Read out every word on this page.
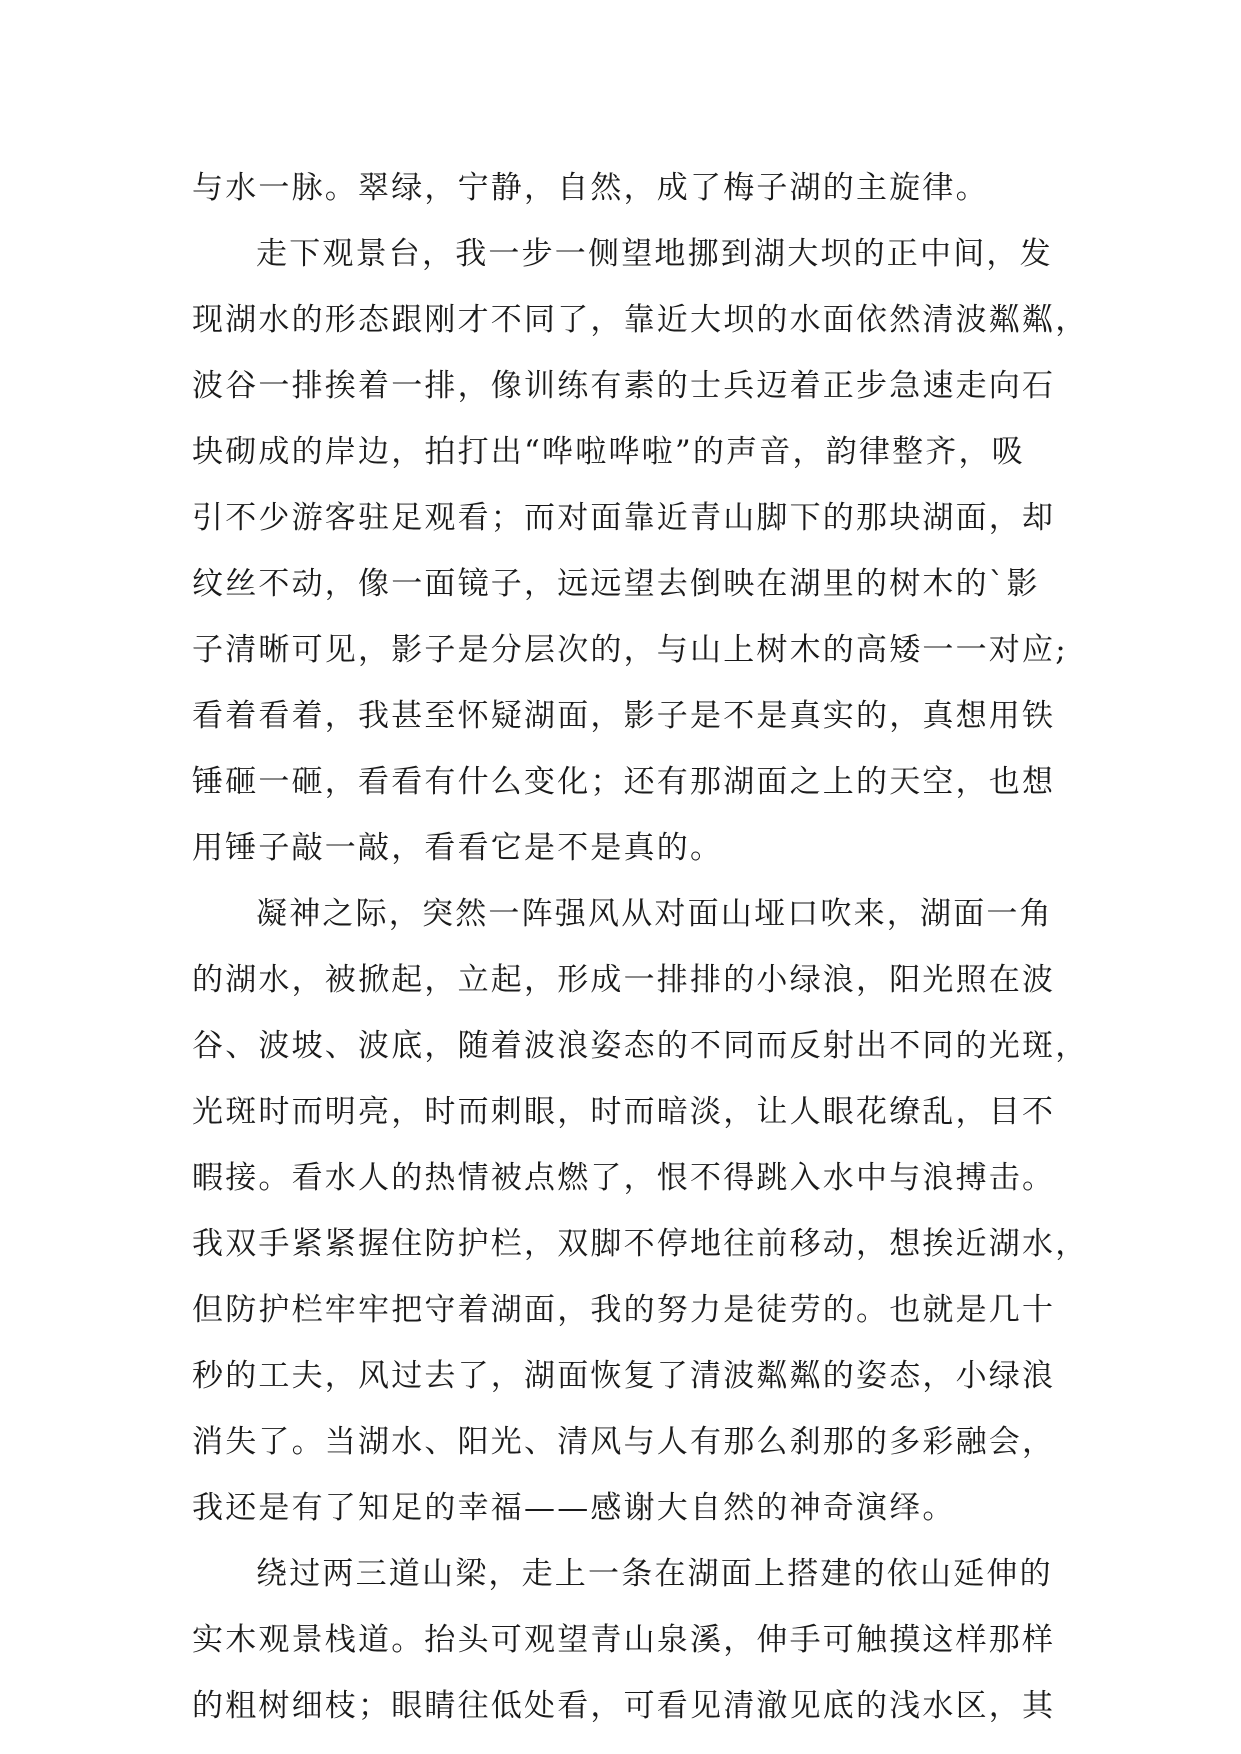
与水一脉。翠绿，宁静，自然，成了梅子湖的主旋律。
走下观景台，我一步一侧望地挪到湖大坝的正中间，发
现湖水的形态跟刚才不同了，靠近大坝的水面依然清波粼粼，
波谷一排挨着一排，像训练有素的士兵迈着正步急速走向石
块砌成的岸边，拍打出“哗啦哗啦”的声音，韵律整齐，吸
引不少游客驻足观看；而对面靠近青山脚下的那块湖面，却
纹丝不动，像一面镜子，远远望去倒映在湖里的树木的`影
子清晰可见，影子是分层次的，与山上树木的高矮一一对应;
看着看着，我甚至怀疑湖面，影子是不是真实的，真想用铁
锤砸一砸，看看有什么变化；还有那湖面之上的天空，也想
用锤子敲一敲，看看它是不是真的。
凝神之际，突然一阵强风从对面山垭口吹来，湖面一角
的湖水，被掀起，立起，形成一排排的小绿浪，阳光照在波
谷、波坡、波底，随着波浪姿态的不同而反射出不同的光斑，
光斑时而明亮，时而刺眼，时而暗淡，让人眼花缭乱，目不
暇接。看水人的热情被点燃了，恨不得跳入水中与浪搏击。
我双手紧紧握住防护栏，双脚不停地往前移动，想挨近湖水，
但防护栏牢牢把守着湖面，我的努力是徒劳的。也就是几十
秒的工夫，风过去了，湖面恢复了清波粼粼的姿态，小绿浪
消失了。当湖水、阳光、清风与人有那么刹那的多彩融会，
我还是有了知足的幸福——感谢大自然的神奇演绎。
绕过两三道山梁，走上一条在湖面上搭建的依山延伸的
实木观景栈道。抬头可观望青山泉溪，伸手可触摸这样那样
的粗树细枝；眼睛往低处看，可看见清澈见底的浅水区，其
